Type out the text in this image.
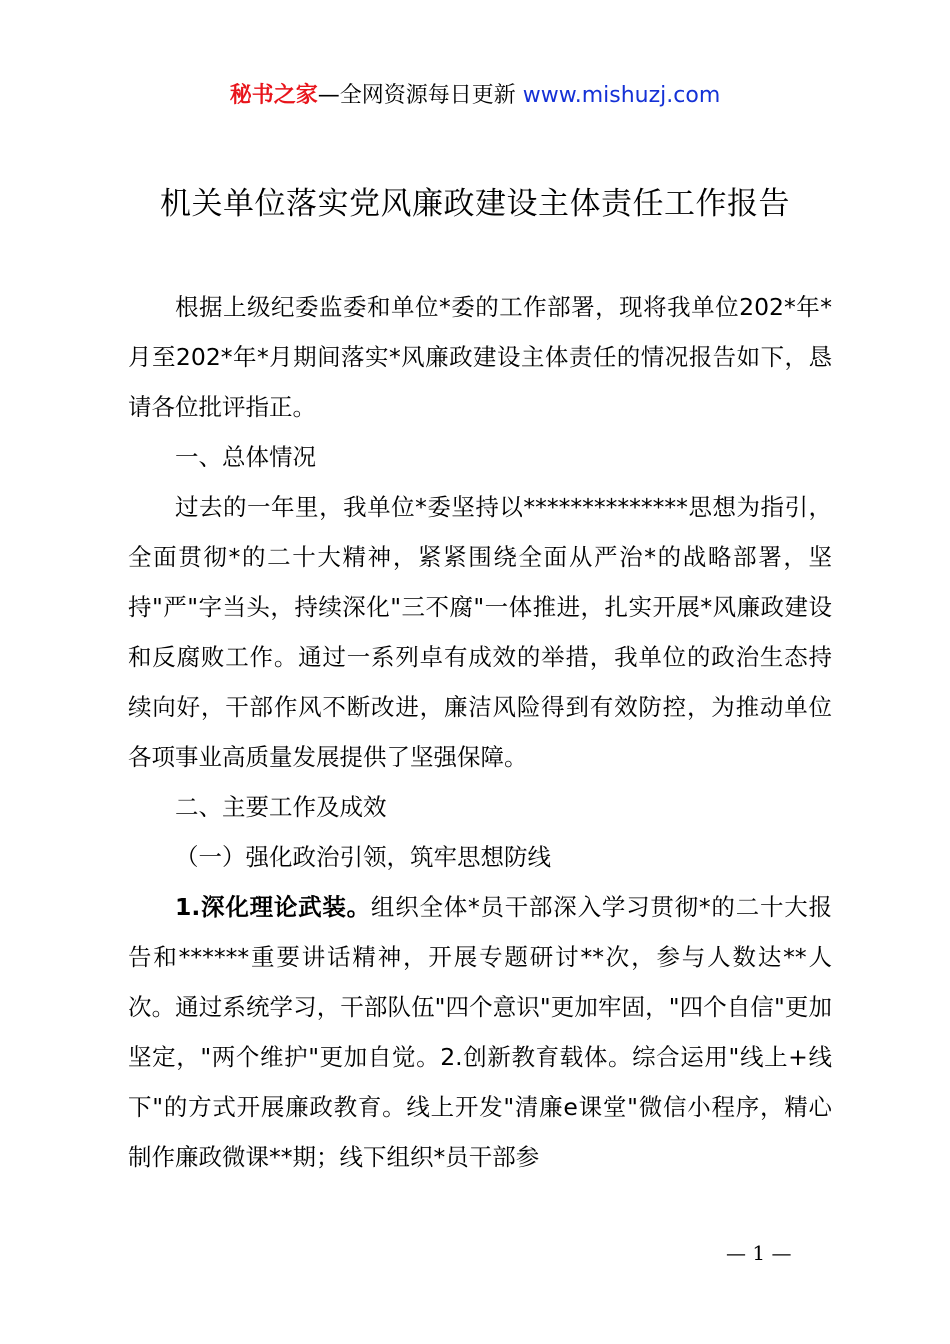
秘书之家—全网资源每日更新 www.mishuzj.com
机关单位落实党风廉政建设主体责任工作报告

根据上级纪委监委和单位*委的工作部署，现将我单位202*年*月至202*年*月期间落实*风廉政建设主体责任的情况报告如下，恳请各位批评指正。

一、总体情况

过去的一年里，我单位*委坚持以**************思想为指引，全面贯彻*的二十大精神，紧紧围绕全面从严治*的战略部署，坚持"严"字当头，持续深化"三不腐"一体推进，扎实开展*风廉政建设和反腐败工作。通过一系列卓有成效的举措，我单位的政治生态持续向好，干部作风不断改进，廉洁风险得到有效防控，为推动单位各项事业高质量发展提供了坚强保障。

二、主要工作及成效

（一）强化政治引领，筑牢思想防线

1.深化理论武装。组织全体*员干部深入学习贯彻*的二十大报告和******重要讲话精神，开展专题研讨**次，参与人数达**人次。通过系统学习，干部队伍"四个意识"更加牢固，"四个自信"更加坚定，"两个维护"更加自觉。2.创新教育载体。综合运用"线上+线下"的方式开展廉政教育。线上开发"清廉e课堂"微信小程序，精心制作廉政微课**期；线下组织*员干部参

— 1 —
